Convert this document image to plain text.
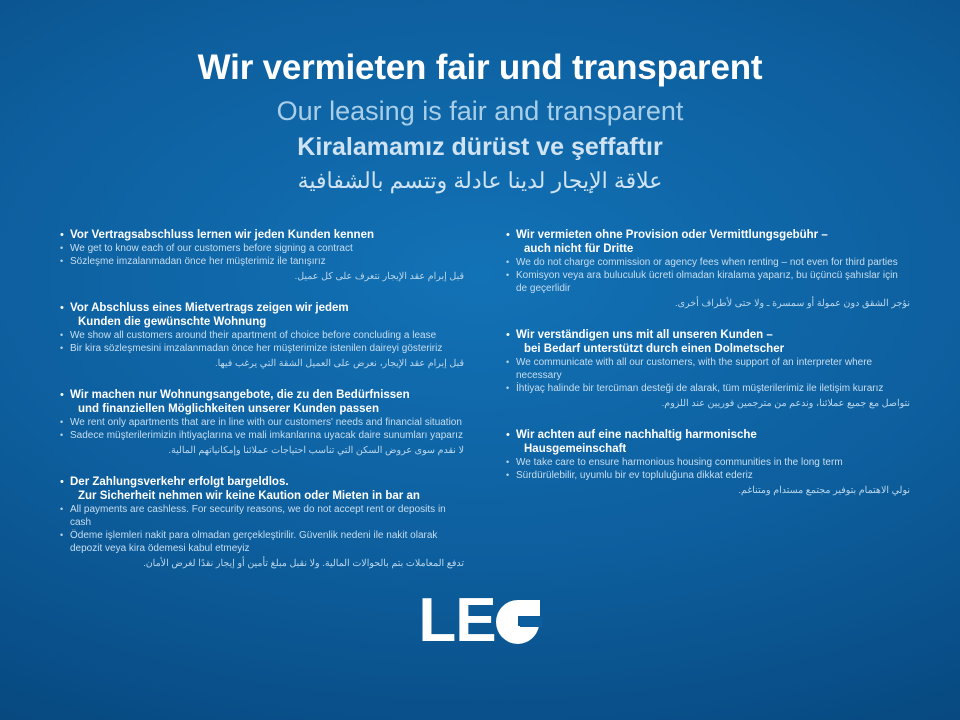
Wir vermieten fair und transparent
Our leasing is fair and transparent
Kiralamamız dürüst ve şeffaftır
علاقة الإيجار لدينا عادلة وتتسم بالشفافية
• Vor Vertragsabschluss lernen wir jeden Kunden kennen
• We get to know each of our customers before signing a contract
• Sözleşme imzalanmadan önce her müşterimiz ile tanışırız
قبل إبرام عقد الإيجار نتعرف على كل عميل.
• Vor Abschluss eines Mietvertrags zeigen wir jedem
Kunden die gewünschte Wohnung
• We show all customers around their apartment of choice before concluding a lease
• Bir kira sözleşmesini imzalanmadan önce her müşterimize istenilen daireyi gösteririz
قبل إبرام عقد الإيجار، نعرض على العميل الشقة التي يرغب فيها.
• Wir machen nur Wohnungsangebote, die zu den Bedürfnissen
und finanziellen Möglichkeiten unserer Kunden passen
• We rent only apartments that are in line with our customers' needs and financial situation
• Sadece müşterilerimizin ihtiyaçlarına ve mali imkanlarına uyacak daire sunumları yaparız
لا نقدم سوى عروض السكن التي تناسب احتياجات عملائنا وإمكانياتهم المالية.
• Der Zahlungsverkehr erfolgt bargeldlos.
Zur Sicherheit nehmen wir keine Kaution oder Mieten in bar an
• All payments are cashless. For security reasons, we do not accept rent or deposits in cash
• Ödeme işlemleri nakit para olmadan gerçekleştirilir. Güvenlik nedeni ile nakit olarak depozit veya kira ödemesi kabul etmeyiz
تدفع المعاملات بتم بالحوالات المالية. ولا نقبل مبلغ تأمين أو إيجار نقدًا لغرض الأمان.
• Wir vermieten ohne Provision oder Vermittlungsgebühr –
auch nicht für Dritte
• We do not charge commission or agency fees when renting – not even for third parties
• Komisyon veya ara buluculuk ücreti olmadan kiralama yaparız, bu üçüncü şahıslar için de geçerlidir
نؤجر الشقق دون عمولة أو سمسرة ـ ولا حتى لأطراف أخرى.
• Wir verständigen uns mit all unseren Kunden –
bei Bedarf unterstützt durch einen Dolmetscher
• We communicate with all our customers, with the support of an interpreter where necessary
• İhtiyaç halinde bir tercüman desteği de alarak, tüm müşterilerimiz ile iletişim kurarız
نتواصل مع جميع عملائنا، وندعم من مترجمين فوريين عند اللزوم.
• Wir achten auf eine nachhaltig harmonische
Hausgemeinschaft
• We take care to ensure harmonious housing communities in the long term
• Sürdürülebilir, uyumlu bir ev topluluğuna dikkat ederiz
نولي الاهتمام بتوفير مجتمع مستدام ومتناغم.
LE
